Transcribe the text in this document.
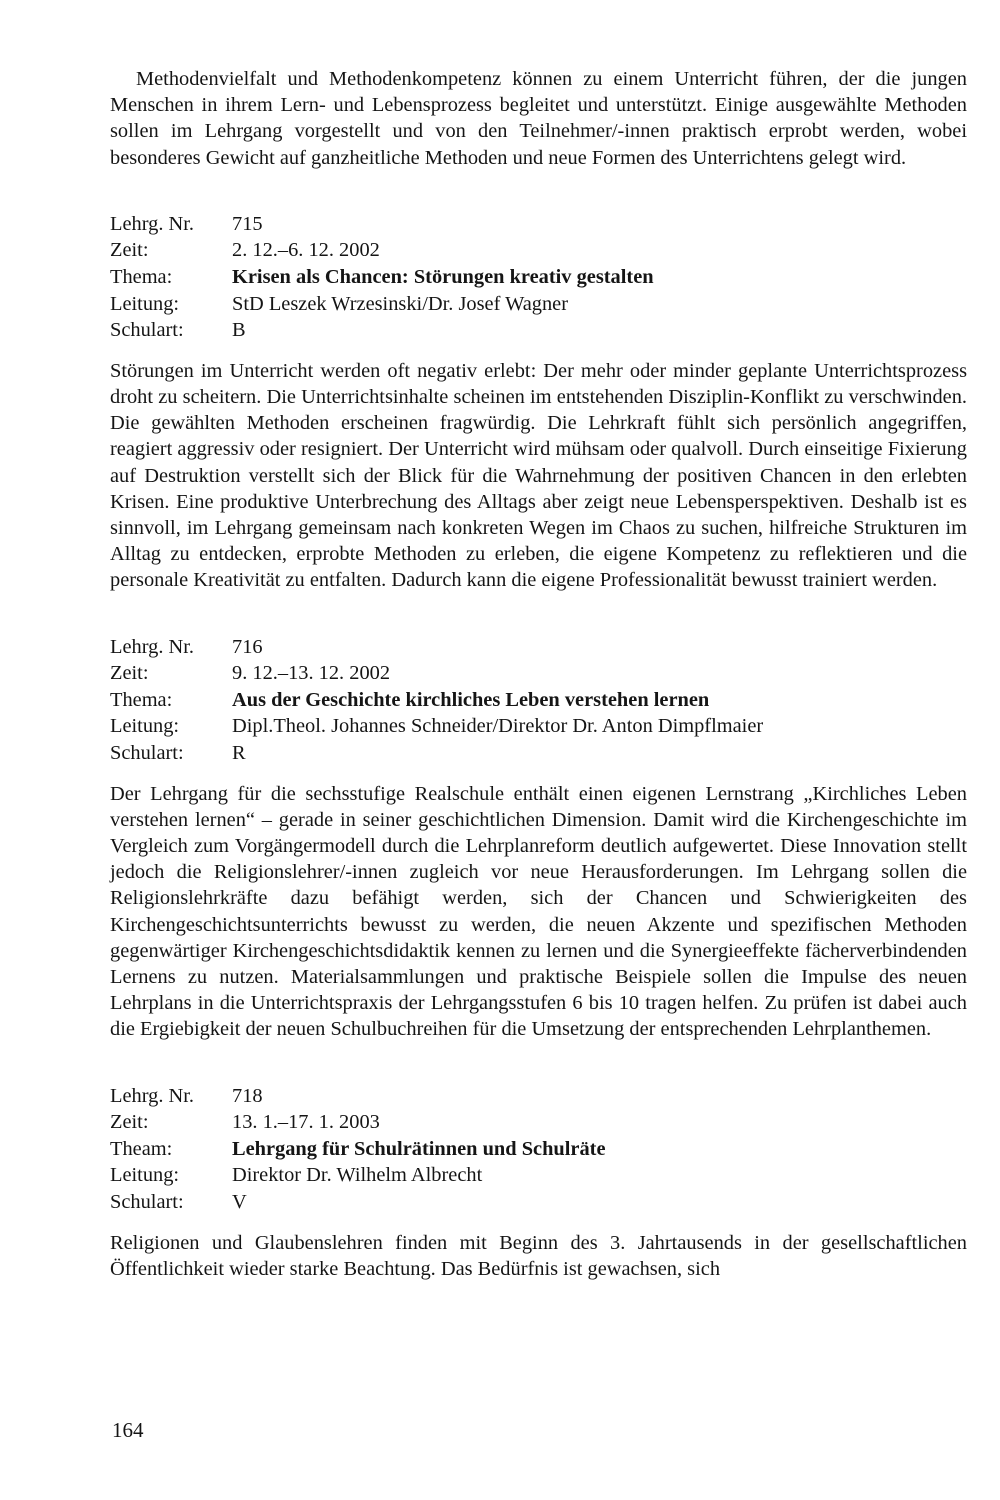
Methodenvielfalt und Methodenkompetenz können zu einem Unterricht führen, der die jungen Menschen in ihrem Lern- und Lebensprozess begleitet und unterstützt. Einige ausgewählte Methoden sollen im Lehrgang vorgestellt und von den Teilnehmer/-innen praktisch erprobt werden, wobei besonderes Gewicht auf ganzheitliche Methoden und neue Formen des Unterrichtens gelegt wird.

Lehrg. Nr.	715
Zeit:	2. 12.–6. 12. 2002
Thema:	Krisen als Chancen: Störungen kreativ gestalten
Leitung:	StD Leszek Wrzesinski/Dr. Josef Wagner
Schulart:	B

Störungen im Unterricht werden oft negativ erlebt: Der mehr oder minder geplante Unterrichtsprozess droht zu scheitern. Die Unterrichtsinhalte scheinen im entstehenden Disziplin-Konflikt zu verschwinden. Die gewählten Methoden erscheinen fragwürdig. Die Lehrkraft fühlt sich persönlich angegriffen, reagiert aggressiv oder resigniert. Der Unterricht wird mühsam oder qualvoll. Durch einseitige Fixierung auf Destruktion verstellt sich der Blick für die Wahrnehmung der positiven Chancen in den erlebten Krisen. Eine produktive Unterbrechung des Alltags aber zeigt neue Lebensperspektiven. Deshalb ist es sinnvoll, im Lehrgang gemeinsam nach konkreten Wegen im Chaos zu suchen, hilfreiche Strukturen im Alltag zu entdecken, erprobte Methoden zu erleben, die eigene Kompetenz zu reflektieren und die personale Kreativität zu entfalten. Dadurch kann die eigene Professionalität bewusst trainiert werden.

Lehrg. Nr.	716
Zeit:	9. 12.–13. 12. 2002
Thema:	Aus der Geschichte kirchliches Leben verstehen lernen
Leitung:	Dipl.Theol. Johannes Schneider/Direktor Dr. Anton Dimpflmaier
Schulart:	R

Der Lehrgang für die sechsstufige Realschule enthält einen eigenen Lernstrang „Kirchliches Leben verstehen lernen“ – gerade in seiner geschichtlichen Dimension. Damit wird die Kirchengeschichte im Vergleich zum Vorgängermodell durch die Lehrplanreform deutlich aufgewertet. Diese Innovation stellt jedoch die Religionslehrer/-innen zugleich vor neue Herausforderungen. Im Lehrgang sollen die Religionslehrkräfte dazu befähigt werden, sich der Chancen und Schwierigkeiten des Kirchengeschichtsunterrichts bewusst zu werden, die neuen Akzente und spezifischen Methoden gegenwärtiger Kirchengeschichtsdidaktik kennen zu lernen und die Synergieeffekte fächerverbindenden Lernens zu nutzen. Materialsammlungen und praktische Beispiele sollen die Impulse des neuen Lehrplans in die Unterrichtspraxis der Lehrgangsstufen 6 bis 10 tragen helfen. Zu prüfen ist dabei auch die Ergiebigkeit der neuen Schulbuchreihen für die Umsetzung der entsprechenden Lehrplanthemen.

Lehrg. Nr.	718
Zeit:	13. 1.–17. 1. 2003
Theam:	Lehrgang für Schulrätinnen und Schulräte
Leitung:	Direktor Dr. Wilhelm Albrecht
Schulart:	V

Religionen und Glaubenslehren finden mit Beginn des 3. Jahrtausends in der gesellschaftlichen Öffentlichkeit wieder starke Beachtung. Das Bedürfnis ist gewachsen, sich

164
